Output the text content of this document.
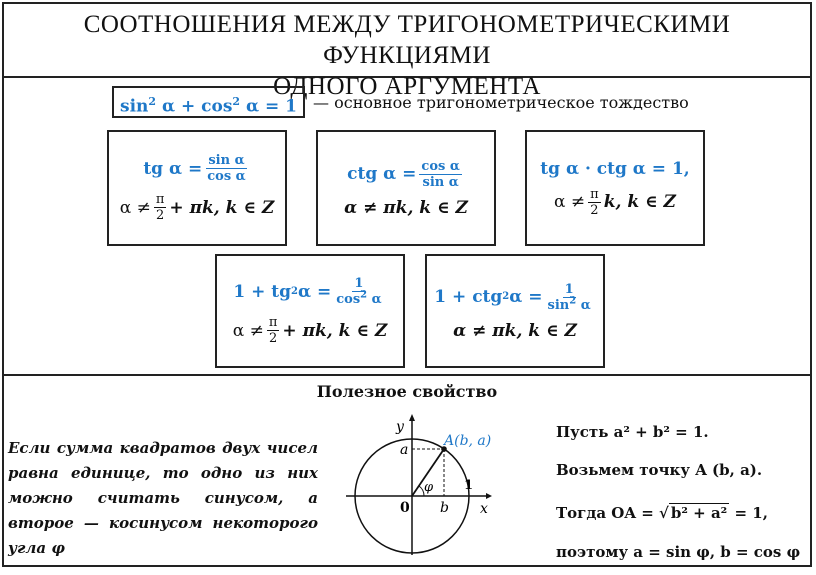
СООТНОШЕНИЯ МЕЖДУ ТРИГОНОМЕТРИЧЕСКИМИ ФУНКЦИЯМИ
ОДНОГО АРГУМЕНТА
$\sin^2 \alpha + \cos^2 \alpha = 1$	— основное тригонометрическое тождество
tg $\alpha = \frac{\text{sin α}}{\text{cos α}}$
$\alpha \ne \frac{\pi}{2} + \pi k$, k ∈ Z
ctg $\alpha = \frac{\text{cos α}}{\text{sin α}}$
α ≠ πk, k ∈ Z
tg α · ctg α = 1,
$\alpha \ne \frac{\pi}{2} k$, k ∈ Z
1 + tg 2 $\alpha = \frac{1}{\cos^2 \alpha}$
$\alpha \ne \frac{\pi}{2} + \pi k$, k ∈ Z
1 + ctg 2 $\alpha = \frac{1}{\sin^2 \alpha}$
α ≠ πk, k ∈ Z
Полезное свойство
Если сумма квадратов двух чисел равна единице, то одно из них можно считать синусом, а второе — косинусом некоторого угла φ
y
x
A(b, a)
a
b
0
1
φ
Пусть a² + b² = 1.
Возьмем точку A (b, a).
Тогда OA = √ b² + a² = 1,
поэтому a = sin φ, b = cos φ
